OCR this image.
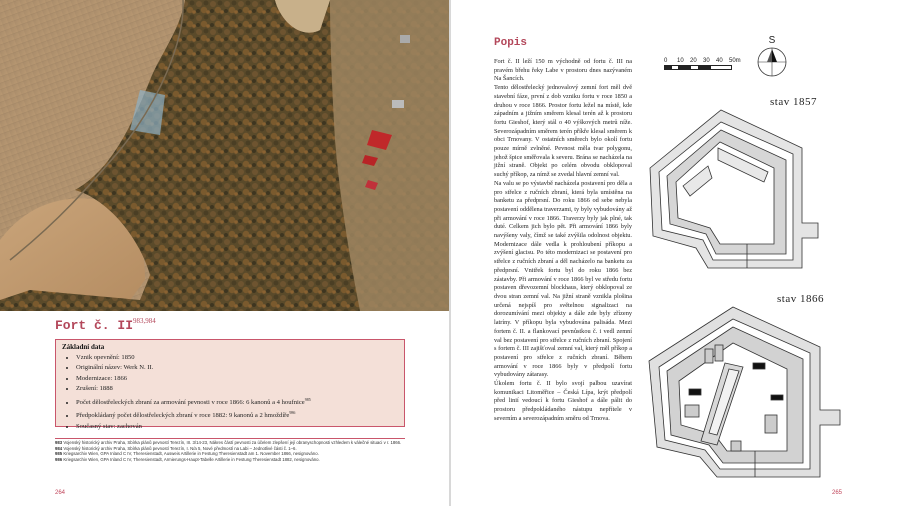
Fort č. II$^{983,984}$
Základní data
• Vznik opevnění: 1850
• Originální název: Werk N. II.
• Modernizace: 1866
• Zrušení: 1888
• Počet dělostřeleckých zbraní za armování pevnosti v roce 1866: 6 kanonů a 4 houfnice$^{985}$
• Předpokládaný počet dělostřeleckých zbraní v roce 1882: 9 kanonů a 2 hmoždíře$^{986}$
• Současný stav: zachován
983 Vojenský historický archiv Praha, Sbírka plánů pevností Terezín, III. 3/14-23, Nákres částí pevnosti za účelem zlepšení její obranyschopnosti vzhledem k válečné situaci v r. 1866.
984 Vojenský historický archiv Praha, Sbírka plánů pevností Terezín, I. N/a 5, Nové předmostí na Labi – Jednotlivé části č. 1–6.
985 Kriegsarchiv Wien, GPA Inland C IV, Theresienstadt, Ausweis Artillerie in Festung Theresienstadt am 1. November 1866, nesignováno.
986 Kriegsarchiv Wien, GPA Inland C IV, Theresienstadt, Armierungs-Haupt-Tabelle Artillerie in Festung Theresienstadt 1882, nesignováno.
264
Popis

Fort č. II leží 150 m východně od fortu č. III na pravém břehu řeky Labe v prostoru dnes nazývaném Na Šancích.

Tento dělostřelecký jednovalový zemní fort měl dvě stavební fáze, první z dob vzniku fortu v roce 1850 a druhou v roce 1866. Prostor fortu ležel na místě, kde západním a jižním směrem klesal terén až k prostoru fortu Gieshof, který stál o 40 výškových metrů níže. Severozápadním směrem terén příkře klesal směrem k obci Trnovany. V ostatních směrech bylo okolí fortu pouze mírně zvlněné. Pevnost měla tvar polygonu, jehož špice směřovala k severu. Brána se nacházela na jižní straně. Objekt po celém obvodu obklopoval suchý příkop, za nímž se zvedal hlavní zemní val.

Na valu se po výstavbě nacházela postavení pro děla a pro střelce z ručních zbraní, která byla umístěna na banketu za předprsní. Do roku 1866 od sebe nebyla postavení oddělena traverzami, ty byly vybudovány až při armování v roce 1866. Traverzy byly jak plné, tak duté. Celkem jich bylo pět. Při armování 1866 byly navýšeny valy, čímž se také zvýšila odolnost objektu. Modernizace dále vedla k prohloubení příkopu a zvýšení glacisu. Po této modernizaci se postavení pro střelce z ručních zbraní a děl nacházelo na banketu za předprsní. Vnitřek fortu byl do roku 1866 bez zástavby. Při armování v roce 1866 byl ve středu fortu postaven dřevozemní blockhaus, který obklopoval ze dvou stran zemní val. Na jižní straně vznikla plošina určená nejspíš pro světelnou signalizaci na dorozumívání mezi objekty a dále zde byly zřízeny latríny. V příkopu byla vybudována palisáda. Mezi fortem č. II. a flankovací pevnůstkou č. i vedl zemní val bez postavení pro střelce z ručních zbraní. Spojení s fortem č. III zajišťoval zemní val, který měl příkop a postavení pro střelce z ručních zbraní. Během armování v roce 1866 byly v předpolí fortu vybudovány zátarasy.

Úkolem fortu č. II bylo svojí palbou uzavírat komunikaci Litoměřice – Česká Lípa, krýt předpolí před linií vedoucí k fortu Gieshof a dále pálit do prostoru předpokládaného nástupu nepřítele v severním a severozápadním směru od Trnova.

0 10 20 30 40 50m
S
stav 1857
stav 1866
265
